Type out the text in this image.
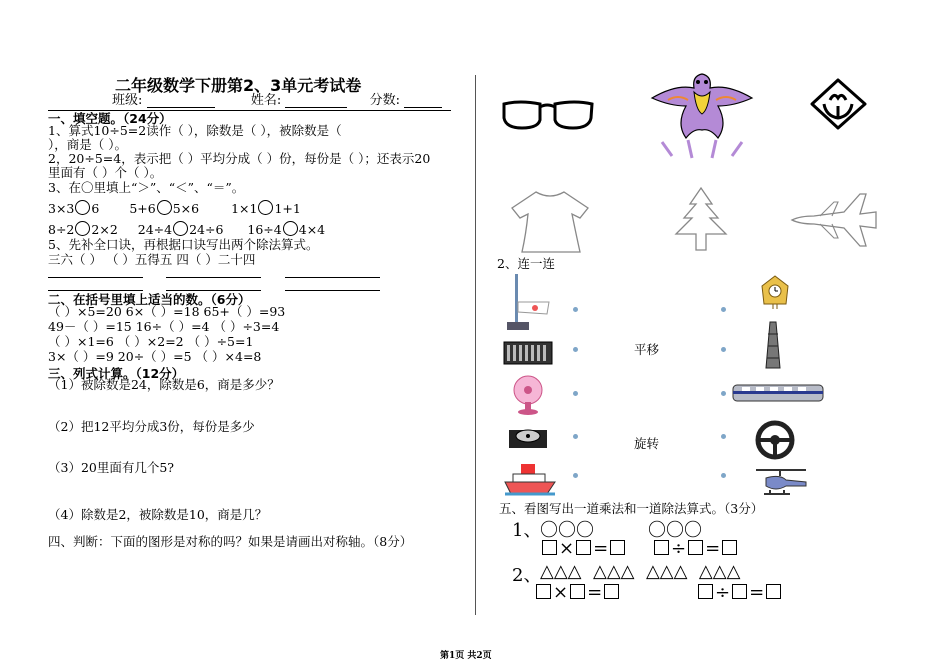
二年级数学下册第2、3单元考试卷
班级:	姓名:	分数:
一、填空题。（24分）
1、算式10÷5=2读作（ ），除数是（ ），被除数是（
），商是（ ）。
2，20÷5=4，表示把（ ）平均分成（ ）份，每份是（ ）；还表示20
里面有（ ）个（ ）。
3、在〇里填上“＞”、“＜”、“＝”。
3×3 6 5+6 5×6	1×1 1+1
8÷2 2×2 24÷4 24÷6 16÷4 4×4
5、先补全口诀，再根据口诀写出两个除法算式。
三六（ ） （ ）五得五 四（ ）二十四
二、在括号里填上适当的数。（6分）
（ ）×5=20 6×（ ）=18 65+（ ）=93
49－（ ）=15 16÷（ ）=4 （ ）÷3=4
（ ）×1=6 （ ）×2=2 （ ）÷5=1
3×（ ）=9 20÷（ ）=5 （ ）×4=8
三、列式计算。（12分）
（1）被除数是24，除数是6，商是多少？
（2）把12平均分成3份，每份是多少
（3）20里面有几个5?
（4）除数是2，被除数是10，商是几？
四、判断：下面的图形是对称的吗？如果是请画出对称轴。（8分）
2、连一连
平移
旋转
五、看图写出一道乘法和一道除法算式。（3分）
1、
〇〇〇	〇〇〇
× =	÷ =
2、
△△△  △△△  △△△  △△△
× =	÷ =
第1页 共2页
